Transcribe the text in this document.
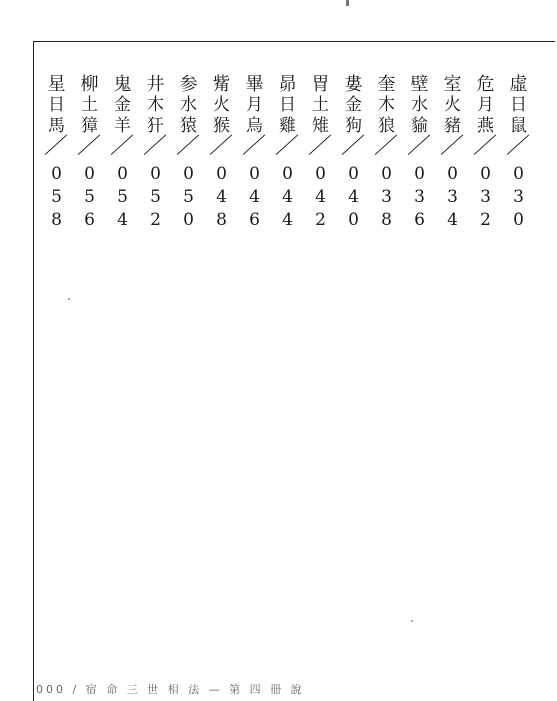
星
日
馬
／
0
5
8
柳
土
獐
／
0
5
6
鬼
金
羊
／
0
5
4
井
木
犴
／
0
5
2
参
水
猿
／
0
5
0
觜
火
猴
／
0
4
8
畢
月
烏
／
0
4
6
昴
日
雞
／
0
4
4
胃
土
雉
／
0
4
2
婁
金
狗
／
0
4
0
奎
木
狼
／
0
3
8
壁
水
貐
／
0
3
6
室
火
豬
／
0
3
4
危
月
燕
／
0
3
2
虛
日
鼠
／
0
3
0
000 / 宿 命 三 世 相 法 — 第 四 冊 說
